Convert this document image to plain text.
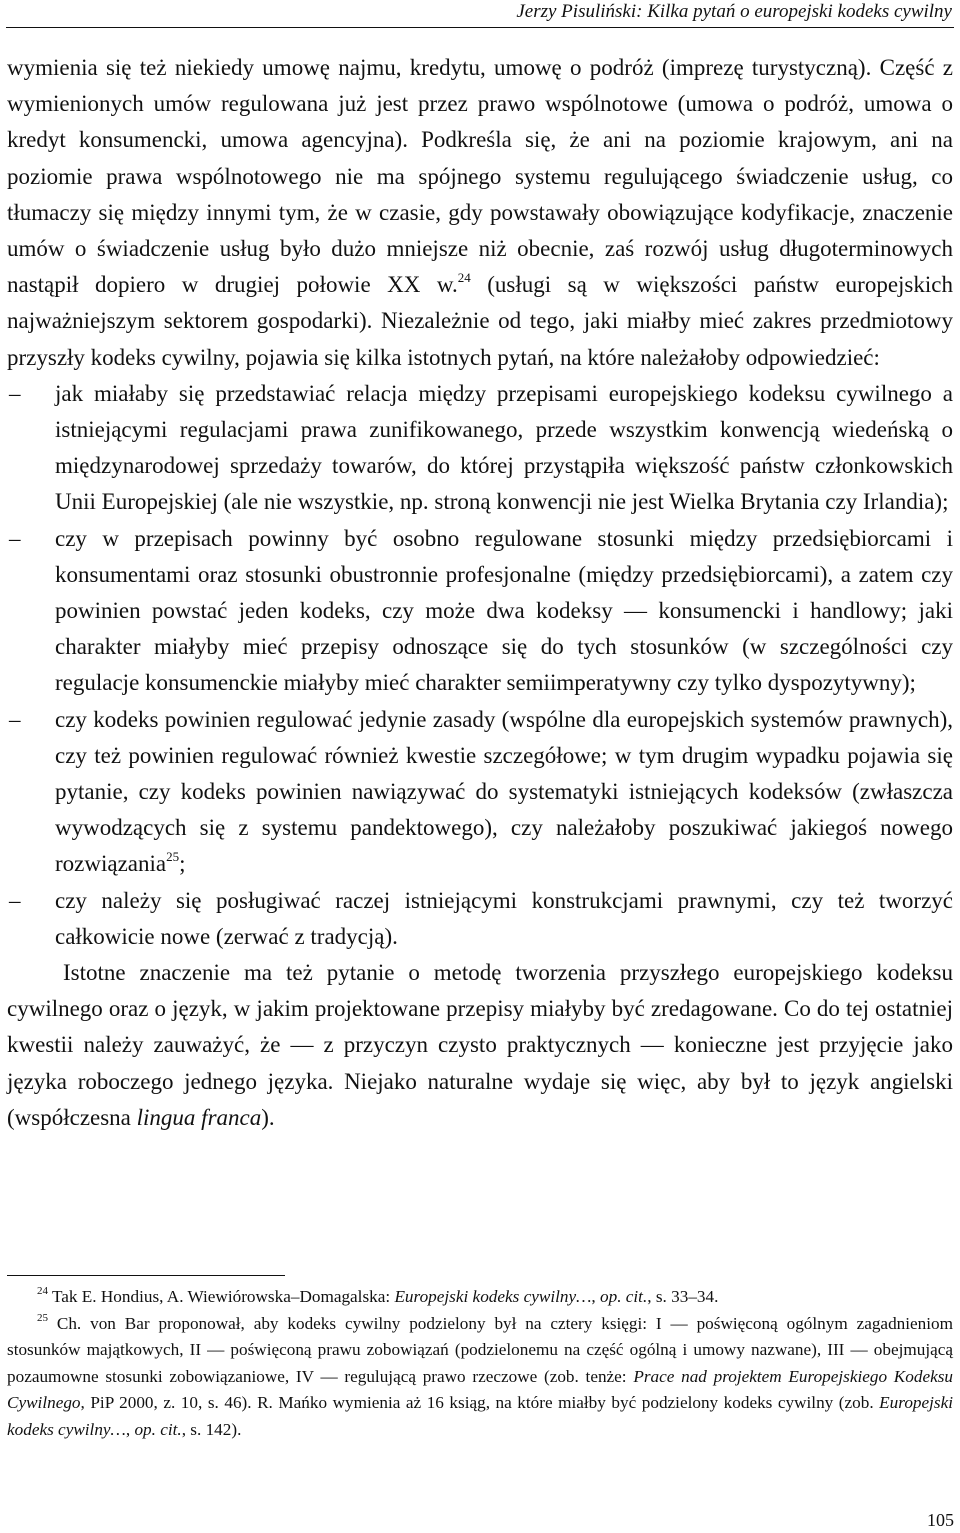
Jerzy Pisuliński: Kilka pytań o europejski kodeks cywilny

wymienia się też niekiedy umowę najmu, kredytu, umowę o podróż (imprezę turystyczną). Część z wymienionych umów regulowana już jest przez prawo wspólnotowe (umowa o podróż, umowa o kredyt konsumencki, umowa agencyjna). Podkreśla się, że ani na poziomie krajowym, ani na poziomie prawa wspólnotowego nie ma spójnego systemu regulującego świadczenie usług, co tłumaczy się między innymi tym, że w czasie, gdy powstawały obowiązujące kodyfikacje, znaczenie umów o świadczenie usług było dużo mniejsze niż obecnie, zaś rozwój usług długoterminowych nastąpił dopiero w drugiej połowie XX w.$^{24}$ (usługi są w większości państw europejskich najważniejszym sektorem gospodarki). Niezależnie od tego, jaki miałby mieć zakres przedmiotowy przyszły kodeks cywilny, pojawia się kilka istotnych pytań, na które należałoby odpowiedzieć:

– jak miałaby się przedstawiać relacja między przepisami europejskiego kodeksu cywilnego a istniejącymi regulacjami prawa zunifikowanego, przede wszystkim konwencją wiedeńską o międzynarodowej sprzedaży towarów, do której przystąpiła większość państw członkowskich Unii Europejskiej (ale nie wszystkie, np. stroną konwencji nie jest Wielka Brytania czy Irlandia);
– czy w przepisach powinny być osobno regulowane stosunki między przedsiębiorcami i konsumentami oraz stosunki obustronnie profesjonalne (między przedsiębiorcami), a zatem czy powinien powstać jeden kodeks, czy może dwa kodeksy — konsumencki i handlowy; jaki charakter miałyby mieć przepisy odnoszące się do tych stosunków (w szczególności czy regulacje konsumenckie miałyby mieć charakter semiimperatywny czy tylko dyspozytywny);
– czy kodeks powinien regulować jedynie zasady (wspólne dla europejskich systemów prawnych), czy też powinien regulować również kwestie szczegółowe; w tym drugim wypadku pojawia się pytanie, czy kodeks powinien nawiązywać do systematyki istniejących kodeksów (zwłaszcza wywodzących się z systemu pandektowego), czy należałoby poszukiwać jakiegoś nowego rozwiązania$^{25}$;
– czy należy się posługiwać raczej istniejącymi konstrukcjami prawnymi, czy też tworzyć całkowicie nowe (zerwać z tradycją).

Istotne znaczenie ma też pytanie o metodę tworzenia przyszłego europejskiego kodeksu cywilnego oraz o język, w jakim projektowane przepisy miałyby być zredagowane. Co do tej ostatniej kwestii należy zauważyć, że — z przyczyn czysto praktycznych — konieczne jest przyjęcie jako języka roboczego jednego języka. Niejako naturalne wydaje się więc, aby był to język angielski (współczesna lingua franca).

$^{24}$ Tak E. Hondius, A. Wiewiórowska–Domagalska: Europejski kodeks cywilny…, op. cit., s. 33–34.

$^{25}$ Ch. von Bar proponował, aby kodeks cywilny podzielony był na cztery księgi: I — poświęconą ogólnym zagadnieniom stosunków majątkowych, II — poświęconą prawu zobowiązań (podzielonemu na część ogólną i umowy nazwane), III — obejmującą pozaumowne stosunki zobowiązaniowe, IV — regulującą prawo rzeczowe (zob. tenże: Prace nad projektem Europejskiego Kodeksu Cywilnego, PiP 2000, z. 10, s. 46). R. Mańko wymienia aż 16 ksiąg, na które miałby być podzielony kodeks cywilny (zob. Europejski kodeks cywilny…, op. cit., s. 142).

105
